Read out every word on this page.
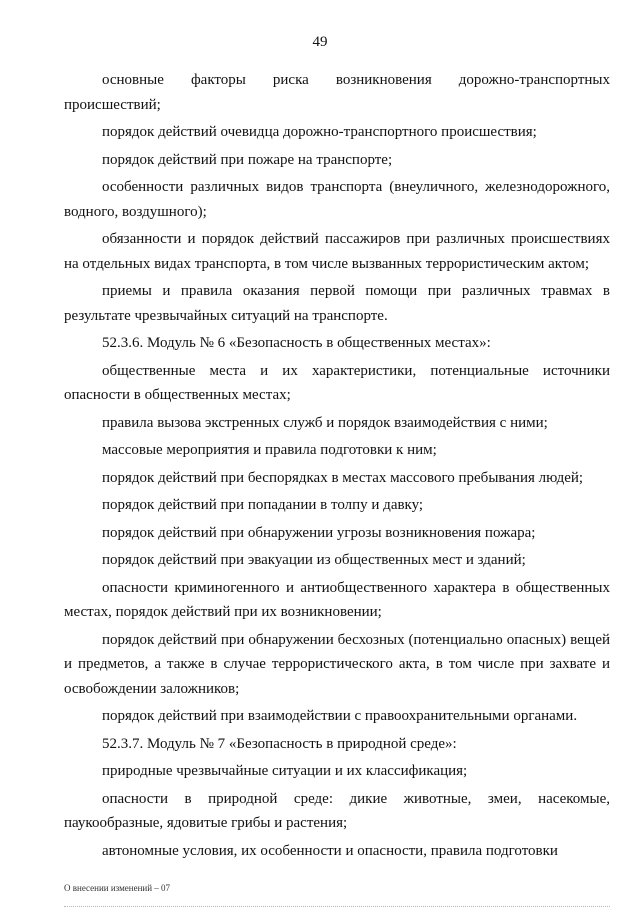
49

основные факторы риска возникновения дорожно-транспортных происшествий;

порядок действий очевидца дорожно-транспортного происшествия;

порядок действий при пожаре на транспорте;

особенности различных видов транспорта (внеуличного, железнодорожного, водного, воздушного);

обязанности и порядок действий пассажиров при различных происшествиях на отдельных видах транспорта, в том числе вызванных террористическим актом;

приемы и правила оказания первой помощи при различных травмах в результате чрезвычайных ситуаций на транспорте.

52.3.6. Модуль № 6 «Безопасность в общественных местах»:

общественные места и их характеристики, потенциальные источники опасности в общественных местах;

правила вызова экстренных служб и порядок взаимодействия с ними;

массовые мероприятия и правила подготовки к ним;

порядок действий при беспорядках в местах массового пребывания людей;

порядок действий при попадании в толпу и давку;

порядок действий при обнаружении угрозы возникновения пожара;

порядок действий при эвакуации из общественных мест и зданий;

опасности криминогенного и антиобщественного характера в общественных местах, порядок действий при их возникновении;

порядок действий при обнаружении бесхозных (потенциально опасных) вещей и предметов, а также в случае террористического акта, в том числе при захвате и освобождении заложников;

порядок действий при взаимодействии с правоохранительными органами.

52.3.7. Модуль № 7 «Безопасность в природной среде»:

природные чрезвычайные ситуации и их классификация;

опасности в природной среде: дикие животные, змеи, насекомые, паукообразные, ядовитые грибы и растения;

автономные условия, их особенности и опасности, правила подготовки

О внесении изменений – 07
